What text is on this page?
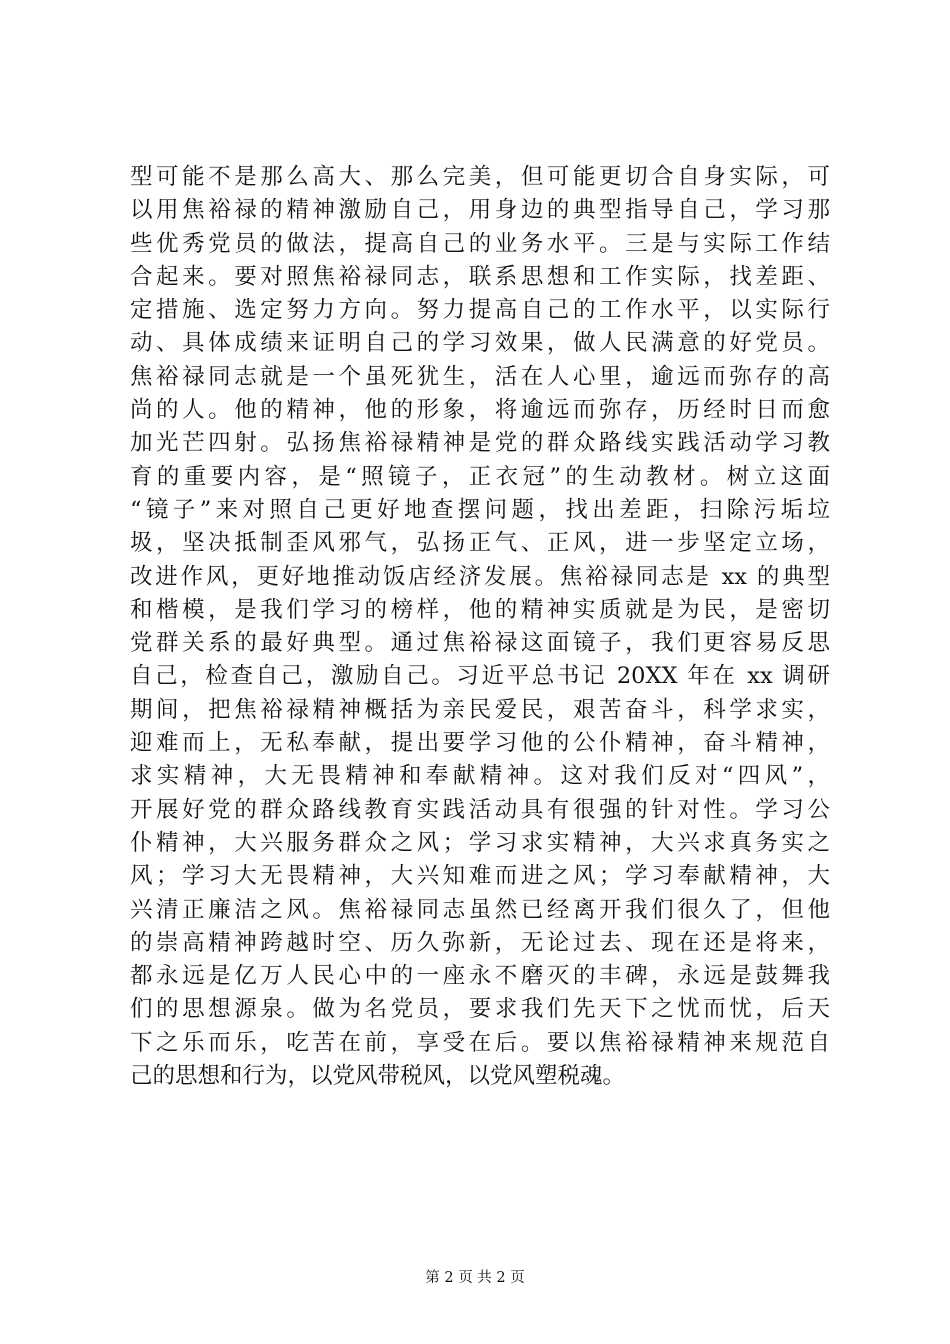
型可能不是那么高大、那么完美，但可能更切合自身实际，可
以用焦裕禄的精神激励自己，用身边的典型指导自己，学习那
些优秀党员的做法，提高自己的业务水平。三是与实际工作结
合起来。要对照焦裕禄同志，联系思想和工作实际，找差距、
定措施、选定努力方向。努力提高自己的工作水平，以实际行
动、具体成绩来证明自己的学习效果，做人民满意的好党员。
焦裕禄同志就是一个虽死犹生，活在人心里，逾远而弥存的高
尚的人。他的精神，他的形象，将逾远而弥存，历经时日而愈
加光芒四射。弘扬焦裕禄精神是党的群众路线实践活动学习教
育的重要内容，是“照镜子，正衣冠”的生动教材。树立这面
“镜子”来对照自己更好地查摆问题，找出差距，扫除污垢垃
圾，坚决抵制歪风邪气，弘扬正气、正风，进一步坚定立场，
改进作风，更好地推动饭店经济发展。焦裕禄同志是 xx 的典型
和楷模，是我们学习的榜样，他的精神实质就是为民，是密切
党群关系的最好典型。通过焦裕禄这面镜子，我们更容易反思
自己，检查自己，激励自己。习近平总书记 20XX 年在 xx 调研
期间，把焦裕禄精神概括为亲民爱民，艰苦奋斗，科学求实，
迎难而上，无私奉献，提出要学习他的公仆精神，奋斗精神，
求实精神，大无畏精神和奉献精神。这对我们反对“四风”，
开展好党的群众路线教育实践活动具有很强的针对性。学习公
仆精神，大兴服务群众之风；学习求实精神，大兴求真务实之
风；学习大无畏精神，大兴知难而进之风；学习奉献精神，大
兴清正廉洁之风。焦裕禄同志虽然已经离开我们很久了，但他
的崇高精神跨越时空、历久弥新，无论过去、现在还是将来，
都永远是亿万人民心中的一座永不磨灭的丰碑，永远是鼓舞我
们的思想源泉。做为名党员，要求我们先天下之忧而忧，后天
下之乐而乐，吃苦在前，享受在后。要以焦裕禄精神来规范自
己的思想和行为，以党风带税风，以党风塑税魂。
第 2 页 共 2 页
